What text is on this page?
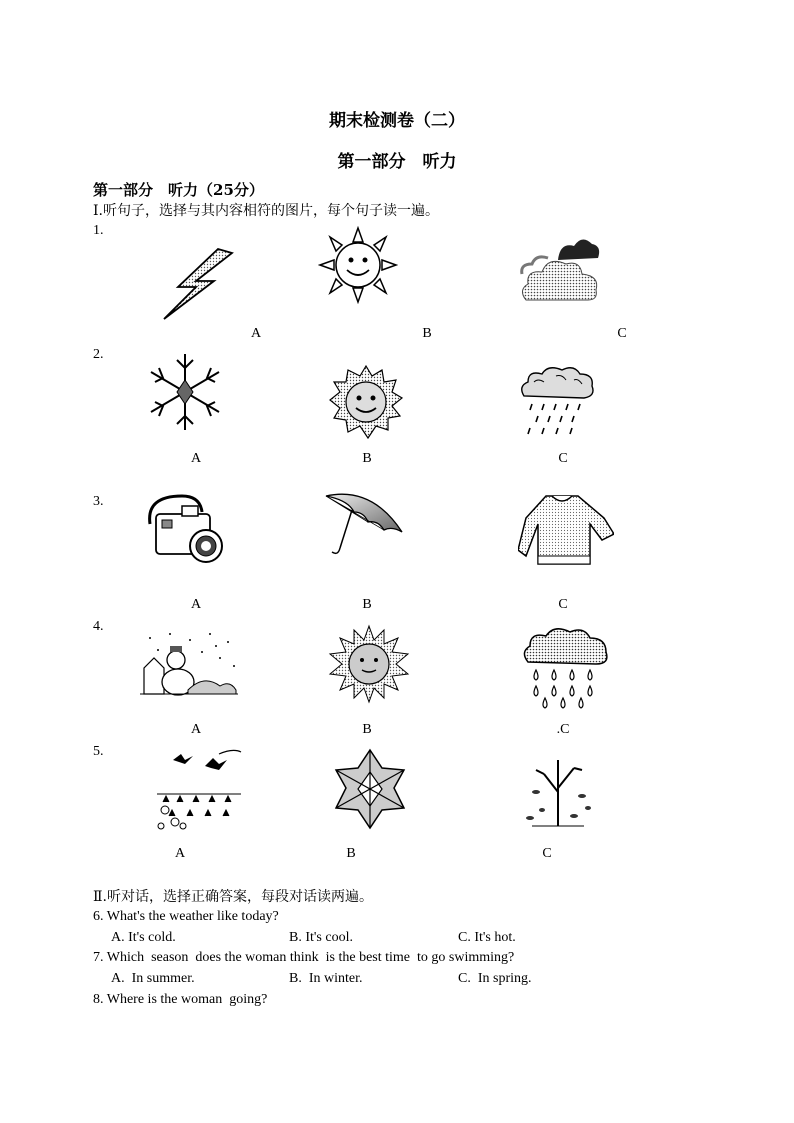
期末检测卷（二）
第一部分　听力
第一部分　听力（25分）
Ⅰ.听句子，选择与其内容相符的图片，每个句子读一遍。
1.
A	B	C
2.
A	B	C
3.
A	B	C
4.
A	B	.C
5.
A	B	C
Ⅱ.听对话，选择正确答案，每段对话读两遍。
6. What's the weather like today?
A. It's cold.	B. It's cool.	C. It's hot.
7. Which  season  does the woman think  is the best time  to go swimming?
A.  In summer.	B.  In winter.	C.  In spring.
8. Where is the woman  going?
